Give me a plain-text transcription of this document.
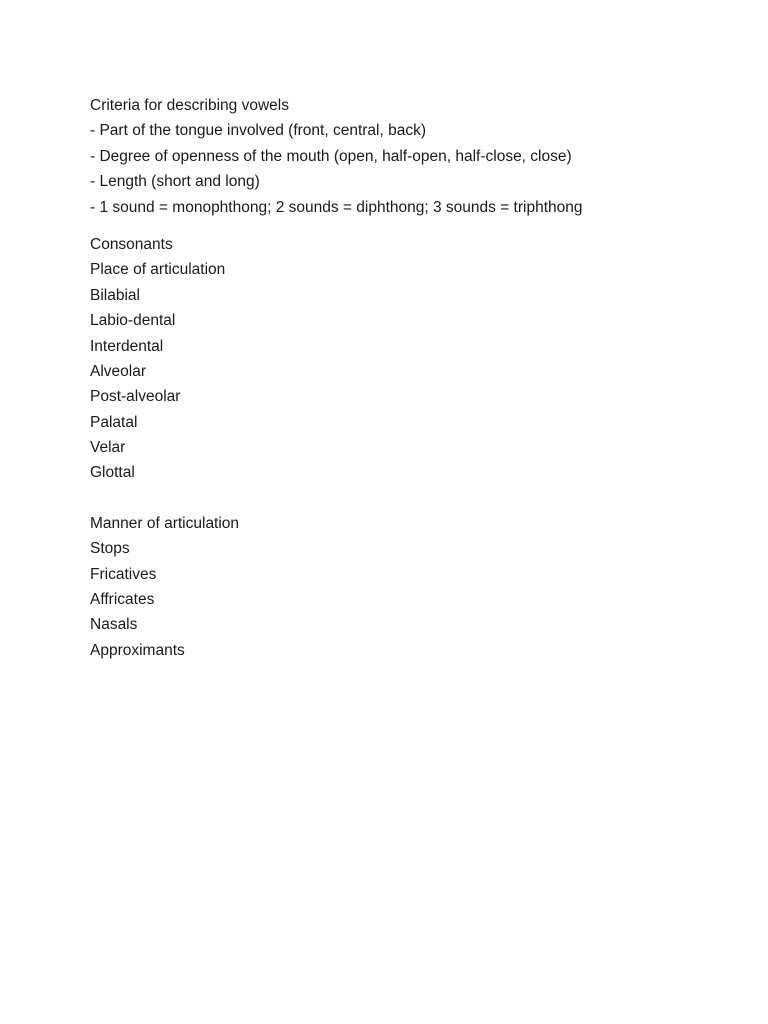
Criteria for describing vowels
- Part of the tongue involved (front, central, back)
- Degree of openness of the mouth (open, half-open, half-close, close)
- Length (short and long)
- 1 sound = monophthong; 2 sounds = diphthong; 3 sounds = triphthong
Consonants
Place of articulation
Bilabial
Labio-dental
Interdental
Alveolar
Post-alveolar
Palatal
Velar
Glottal
Manner of articulation
Stops
Fricatives
Affricates
Nasals
Approximants
